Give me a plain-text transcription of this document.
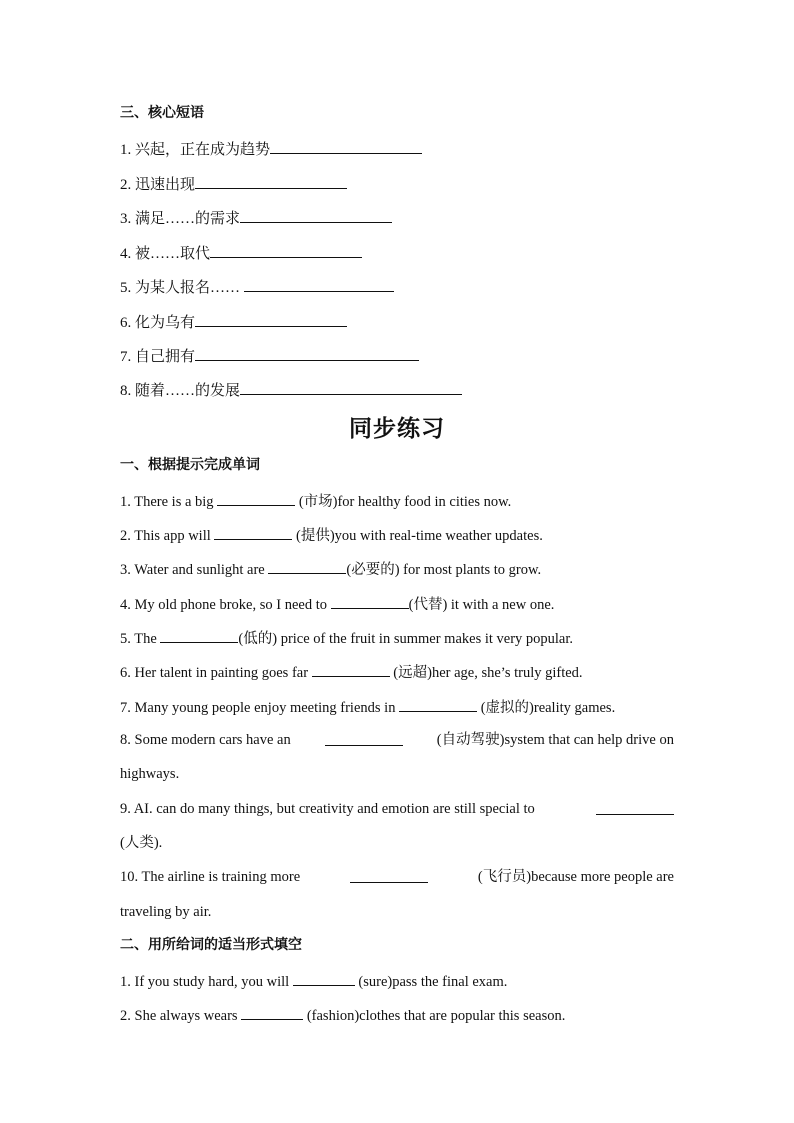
三、核心短语
1. 兴起，正在成为趋势
2. 迅速出现
3. 满足……的需求
4. 被……取代
5. 为某人报名……
6. 化为乌有
7. 自己拥有
8. 随着……的发展
同步练习
一、根据提示完成单词
1. There is a big	(市场)for healthy food in cities now.
2. This app will	(提供)you with real-time weather updates.
3. Water and sunlight are	(必要的) for most plants to grow.
4. My old phone broke, so I need to	(代替) it with a new one.
5. The	(低的) price of the fruit in summer makes it very popular.
6. Her talent in painting goes far	(远超)her age, she’s truly gifted.
7. Many young people enjoy meeting friends in	(虚拟的)reality games.
8. Some modern cars have an	(自动驾驶)system that can help drive on
highways.
9. AI. can do many things, but creativity and emotion are still special to
(人类).
10. The airline is training more	(飞行员)because more people are
traveling by air.
二、用所给词的适当形式填空
1. If you study hard, you will	(sure)pass the final exam.
2. She always wears	(fashion)clothes that are popular this season.
